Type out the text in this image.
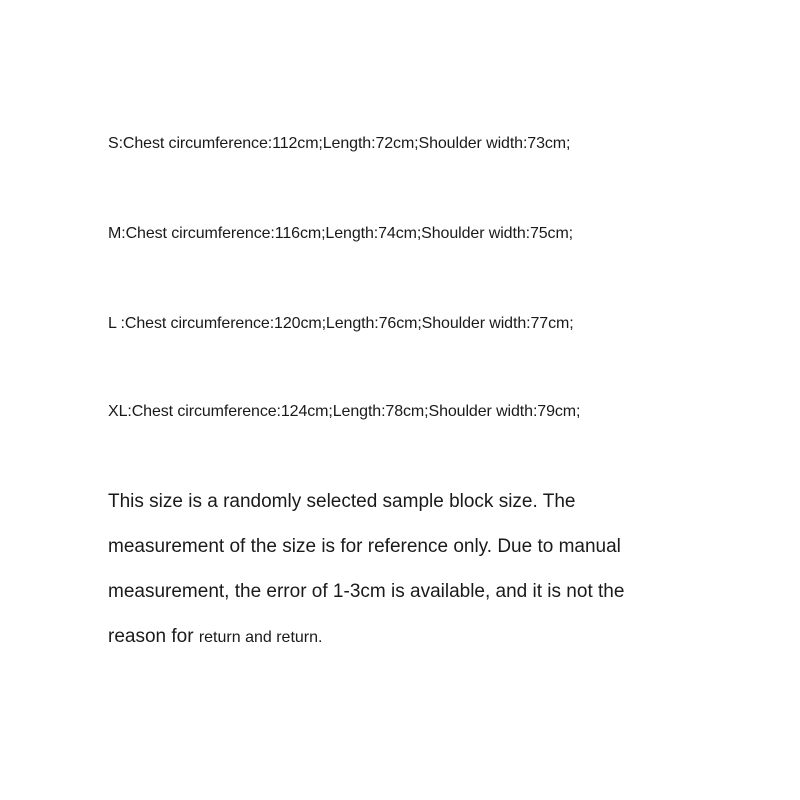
S:Chest circumference:112cm;Length:72cm;Shoulder width:73cm;
M:Chest circumference:116cm;Length:74cm;Shoulder width:75cm;
L :Chest circumference:120cm;Length:76cm;Shoulder width:77cm;
XL:Chest circumference:124cm;Length:78cm;Shoulder width:79cm;
This size is a randomly selected sample block size. The
measurement of the size is for reference only. Due to manual
measurement, the error of 1-3cm is available, and it is not the
reason for return and return.
